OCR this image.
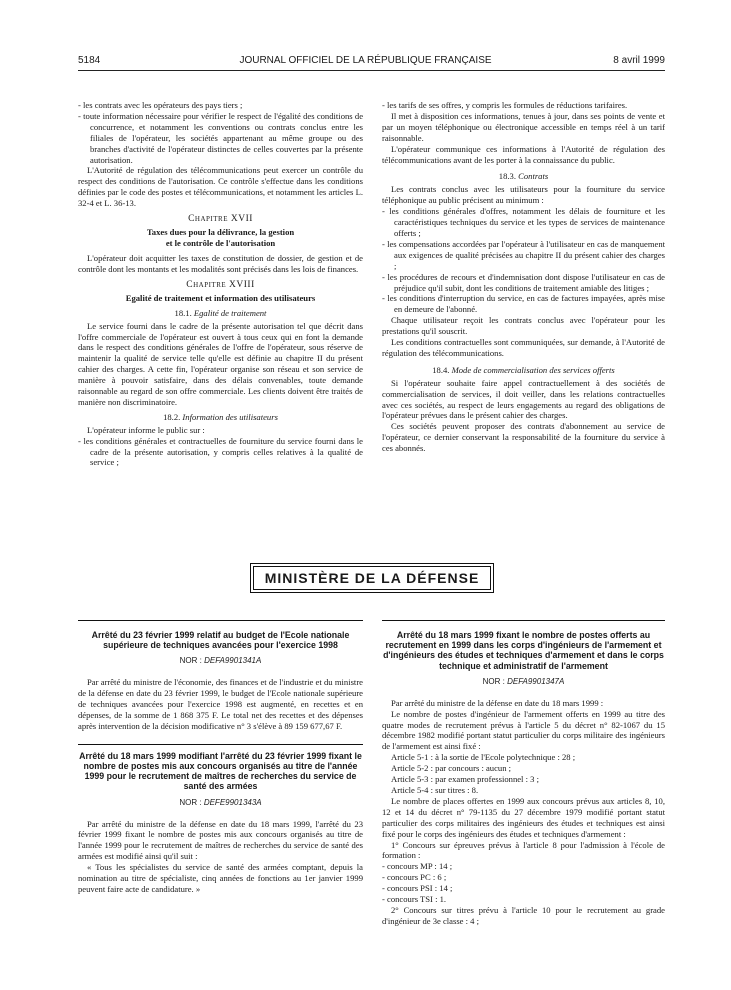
5184	JOURNAL OFFICIEL DE LA RÉPUBLIQUE FRANÇAISE	8 avril 1999
- les contrats avec les opérateurs des pays tiers ;
- toute information nécessaire pour vérifier le respect de l'égalité des conditions de concurrence, et notamment les conventions ou contrats conclus entre les filiales de l'opérateur, les sociétés appartenant au même groupe ou des branches d'activité de l'opérateur distinctes de celles couvertes par la présente autorisation.

L'Autorité de régulation des télécommunications peut exercer un contrôle du respect des conditions de l'autorisation. Ce contrôle s'effectue dans les conditions définies par le code des postes et télécommunications, et notamment les articles L. 32-4 et L. 36-13.

Chapitre XVII
Taxes dues pour la délivrance, la gestion
et le contrôle de l'autorisation

L'opérateur doit acquitter les taxes de constitution de dossier, de gestion et de contrôle dont les montants et les modalités sont précisés dans les lois de finances.

Chapitre XVIII
Egalité de traitement et information des utilisateurs
18.1. Egalité de traitement

Le service fourni dans le cadre de la présente autorisation tel que décrit dans l'offre commerciale de l'opérateur est ouvert à tous ceux qui en font la demande dans le respect des conditions générales de l'offre de l'opérateur, sous réserve de maintenir la qualité de service telle qu'elle est définie au chapitre II du présent cahier des charges. A cette fin, l'opérateur organise son réseau et son service de manière à pouvoir satisfaire, dans des délais convenables, toute demande raisonnable au regard de son offre commerciale. Les clients doivent être traités de manière non discriminatoire.

18.2. Information des utilisateurs

L'opérateur informe le public sur :

- les conditions générales et contractuelles de fourniture du service fourni dans le cadre de la présente autorisation, y compris celles relatives à la qualité de service ;
- les tarifs de ses offres, y compris les formules de réductions tarifaires.

Il met à disposition ces informations, tenues à jour, dans ses points de vente et par un moyen téléphonique ou électronique accessible en temps réel à un tarif raisonnable.

L'opérateur communique ces informations à l'Autorité de régulation des télécommunications avant de les porter à la connaissance du public.

18.3. Contrats

Les contrats conclus avec les utilisateurs pour la fourniture du service téléphonique au public précisent au minimum :

- les conditions générales d'offres, notamment les délais de fourniture et les caractéristiques techniques du service et les types de services de maintenance offerts ;
- les compensations accordées par l'opérateur à l'utilisateur en cas de manquement aux exigences de qualité précisées au chapitre II du présent cahier des charges ;
- les procédures de recours et d'indemnisation dont dispose l'utilisateur en cas de préjudice qu'il subit, dont les conditions de traitement amiable des litiges ;
- les conditions d'interruption du service, en cas de factures impayées, après mise en demeure de l'abonné.

Chaque utilisateur reçoit les contrats conclus avec l'opérateur pour les prestations qu'il souscrit.

Les conditions contractuelles sont communiquées, sur demande, à l'Autorité de régulation des télécommunications.

18.4. Mode de commercialisation des services offerts

Si l'opérateur souhaite faire appel contractuellement à des sociétés de commercialisation de services, il doit veiller, dans les relations contractuelles avec ces sociétés, au respect de leurs engagements au regard des obligations de l'opérateur prévues dans le présent cahier des charges.

Ces sociétés peuvent proposer des contrats d'abonnement au service de l'opérateur, ce dernier conservant la responsabilité de la fourniture du service à ces abonnés.

MINISTÈRE DE LA DÉFENSE
Arrêté du 23 février 1999 relatif au budget de l'Ecole nationale supérieure de techniques avancées pour l'exercice 1998
NOR : DEFA9901341A

Par arrêté du ministre de l'économie, des finances et de l'industrie et du ministre de la défense en date du 23 février 1999, le budget de l'Ecole nationale supérieure de techniques avancées pour l'exercice 1998 est augmenté, en recettes et en dépenses, de la somme de 1 868 375 F. Le total net des recettes et des dépenses après intervention de la décision modificative n° 3 s'élève à 89 159 677,67 F.

Arrêté du 18 mars 1999 modifiant l'arrêté du 23 février 1999 fixant le nombre de postes mis aux concours organisés au titre de l'année 1999 pour le recrutement de maîtres de recherches du service de santé des armées
NOR : DEFE9901343A

Par arrêté du ministre de la défense en date du 18 mars 1999, l'arrêté du 23 février 1999 fixant le nombre de postes mis aux concours organisés au titre de l'année 1999 pour le recrutement de maîtres de recherches du service de santé des armées est modifié ainsi qu'il suit :

« Tous les spécialistes du service de santé des armées comptant, depuis la nomination au titre de spécialiste, cinq années de fonctions au 1er janvier 1999 peuvent faire acte de candidature. »

Arrêté du 18 mars 1999 fixant le nombre de postes offerts au recrutement en 1999 dans les corps d'ingénieurs de l'armement et d'ingénieurs des études et techniques d'armement et dans le corps technique et administratif de l'armement
NOR : DEFA9901347A

Par arrêté du ministre de la défense en date du 18 mars 1999 :

Le nombre de postes d'ingénieur de l'armement offerts en 1999 au titre des quatre modes de recrutement prévus à l'article 5 du décret n° 82-1067 du 15 décembre 1982 modifié portant statut particulier du corps militaire des ingénieurs de l'armement est ainsi fixé :

Article 5-1 : à la sortie de l'Ecole polytechnique : 28 ;

Article 5-2 : par concours : aucun ;

Article 5-3 : par examen professionnel : 3 ;

Article 5-4 : sur titres : 8.

Le nombre de places offertes en 1999 aux concours prévus aux articles 8, 10, 12 et 14 du décret n° 79-1135 du 27 décembre 1979 modifié portant statut particulier des corps militaires des ingénieurs des études et techniques est ainsi fixé pour le corps des ingénieurs des études et techniques d'armement :

1° Concours sur épreuves prévus à l'article 8 pour l'admission à l'école de formation :

- concours MP : 14 ;
- concours PC : 6 ;
- concours PSI : 14 ;
- concours TSI : 1.

2° Concours sur titres prévu à l'article 10 pour le recrutement au grade d'ingénieur de 3e classe : 4 ;
